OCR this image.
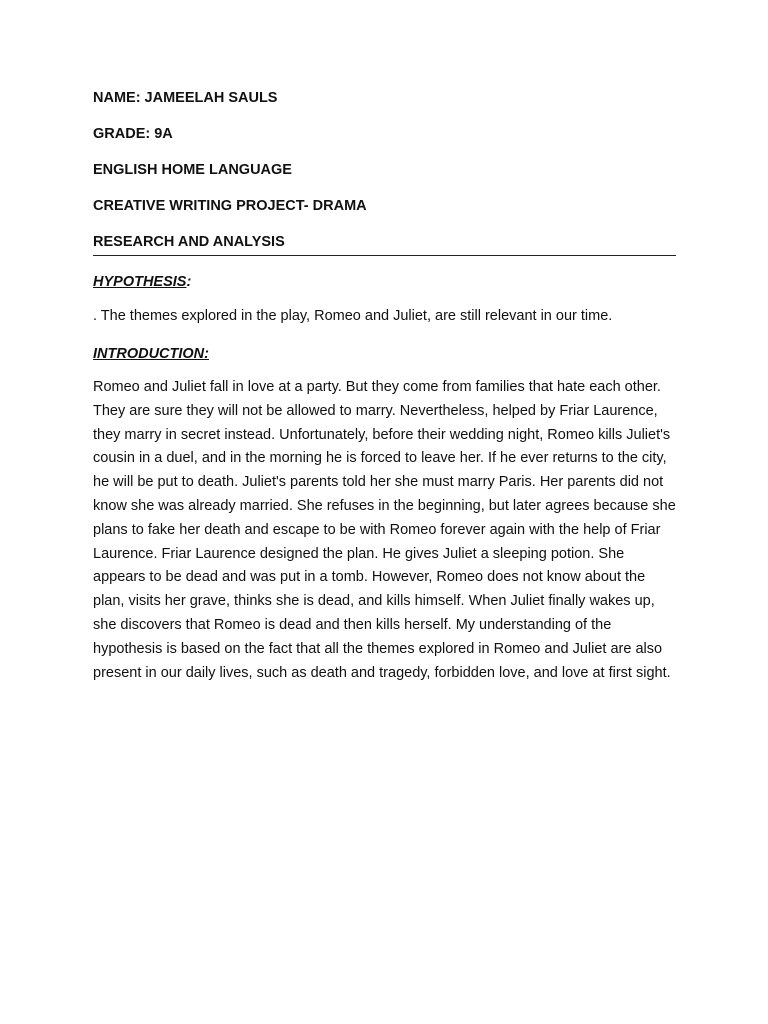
NAME: JAMEELAH SAULS
GRADE: 9A
ENGLISH HOME LANGUAGE
CREATIVE WRITING PROJECT- DRAMA
RESEARCH AND ANALYSIS
HYPOTHESIS:

. The themes explored in the play, Romeo and Juliet, are still relevant in our time.

INTRODUCTION:

Romeo and Juliet fall in love at a party. But they come from families that hate each other. They are sure they will not be allowed to marry. Nevertheless, helped by Friar Laurence, they marry in secret instead. Unfortunately, before their wedding night, Romeo kills Juliet's cousin in a duel, and in the morning he is forced to leave her. If he ever returns to the city, he will be put to death. Juliet's parents told her she must marry Paris. Her parents did not know she was already married. She refuses in the beginning, but later agrees because she plans to fake her death and escape to be with Romeo forever again with the help of Friar Laurence. Friar Laurence designed the plan. He gives Juliet a sleeping potion. She appears to be dead and was put in a tomb. However, Romeo does not know about the plan, visits her grave, thinks she is dead, and kills himself. When Juliet finally wakes up, she discovers that Romeo is dead and then kills herself. My understanding of the hypothesis is based on the fact that all the themes explored in Romeo and Juliet are also present in our daily lives, such as death and tragedy, forbidden love, and love at first sight.
